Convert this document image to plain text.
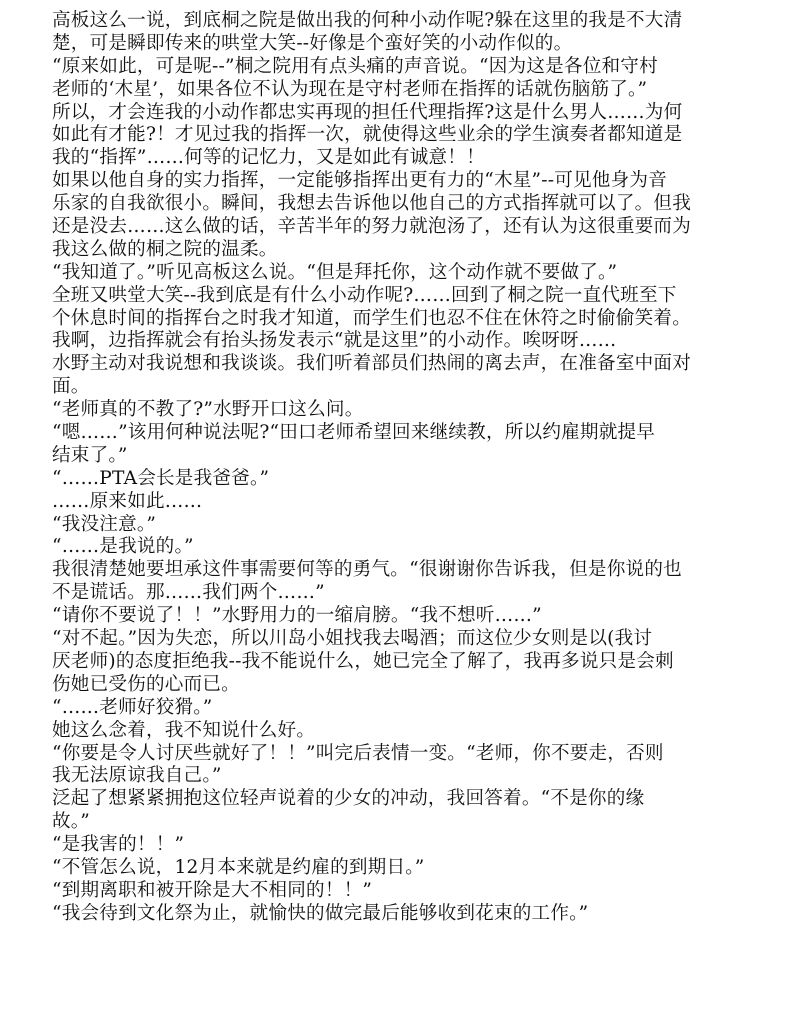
高板这么一说，到底桐之院是做出我的何种小动作呢?躲在这里的我是不大清
楚，可是瞬即传来的哄堂大笑--好像是个蛮好笑的小动作似的。
“原来如此，可是呢--”桐之院用有点头痛的声音说。“因为这是各位和守村
老师的‘木星’，如果各位不认为现在是守村老师在指挥的话就伤脑筋了。”
所以，才会连我的小动作都忠实再现的担任代理指挥?这是什么男人……为何
如此有才能?！才见过我的指挥一次，就使得这些业余的学生演奏者都知道是
我的“指挥”……何等的记忆力，又是如此有诚意！！
如果以他自身的实力指挥，一定能够指挥出更有力的“木星”--可见他身为音
乐家的自我欲很小。瞬间，我想去告诉他以他自己的方式指挥就可以了。但我
还是没去……这么做的话，辛苦半年的努力就泡汤了，还有认为这很重要而为
我这么做的桐之院的温柔。
“我知道了。”听见高板这么说。“但是拜托你，这个动作就不要做了。”
全班又哄堂大笑--我到底是有什么小动作呢?……回到了桐之院一直代班至下
个休息时间的指挥台之时我才知道，而学生们也忍不住在休符之时偷偷笑着。
我啊，边指挥就会有抬头扬发表示“就是这里”的小动作。唉呀呀……
水野主动对我说想和我谈谈。我们听着部员们热闹的离去声，在准备室中面对
面。
“老师真的不教了?”水野开口这么问。
“嗯……”该用何种说法呢?“田口老师希望回来继续教，所以约雇期就提早
结束了。”
“……PTA会长是我爸爸。”
……原来如此……
“我没注意。”
“……是我说的。”
我很清楚她要坦承这件事需要何等的勇气。“很谢谢你告诉我，但是你说的也
不是谎话。那……我们两个……”
“请你不要说了！！”水野用力的一缩肩膀。“我不想听……”
“对不起。”因为失恋，所以川岛小姐找我去喝酒；而这位少女则是以(我讨
厌老师)的态度拒绝我--我不能说什么，她已完全了解了，我再多说只是会刺
伤她已受伤的心而已。
“……老师好狡猾。”
她这么念着，我不知说什么好。
“你要是令人讨厌些就好了！！”叫完后表情一变。“老师，你不要走，否则
我无法原谅我自己。”
泛起了想紧紧拥抱这位轻声说着的少女的冲动，我回答着。“不是你的缘
故。”
“是我害的！！”
“不管怎么说，12月本来就是约雇的到期日。”
“到期离职和被开除是大不相同的！！”
“我会待到文化祭为止，就愉快的做完最后能够收到花束的工作。”
